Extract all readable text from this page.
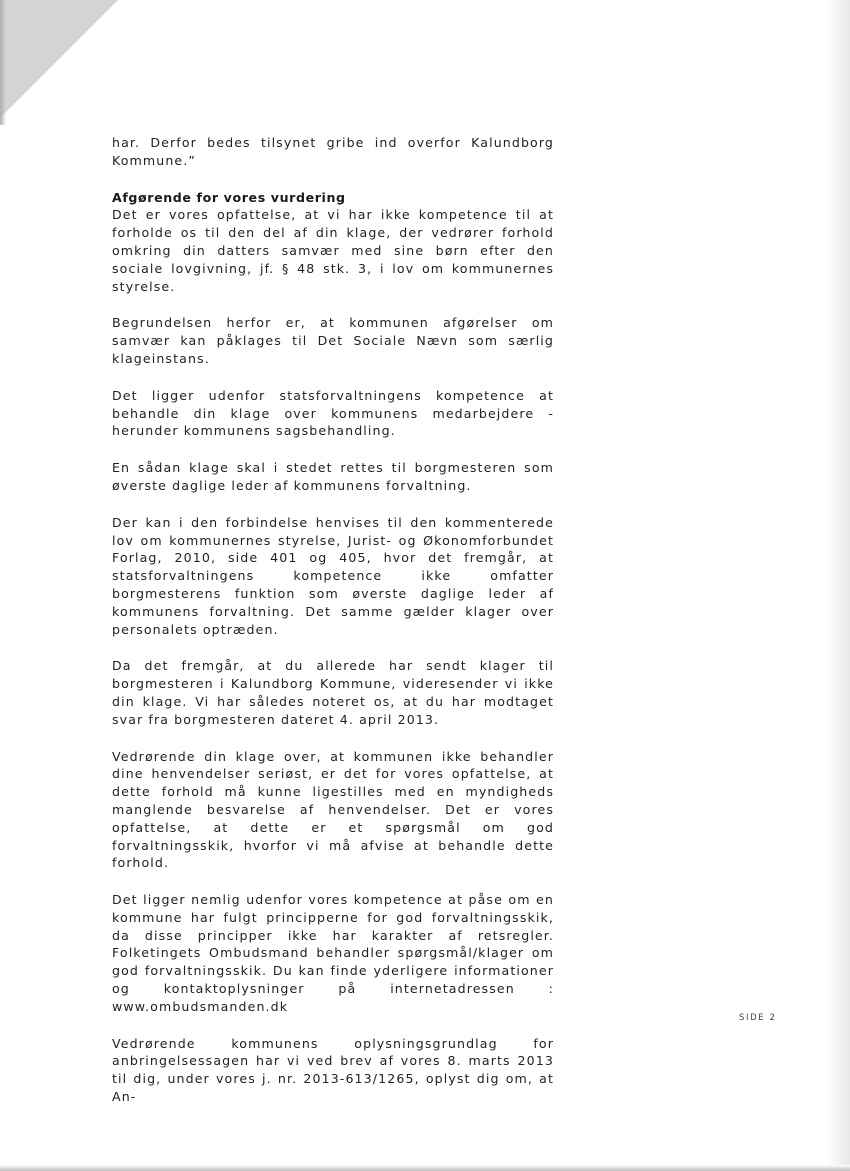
har. Derfor bedes tilsynet gribe ind overfor Kalundborg Kommune.”

Afgørende for vores vurdering

Det er vores opfattelse, at vi har ikke kompetence til at forholde os til den del af din klage, der vedrører forhold omkring din datters samvær med sine børn efter den sociale lovgivning, jf. § 48 stk. 3, i lov om kommunernes styrelse.

Begrundelsen herfor er, at kommunen afgørelser om samvær kan påklages til Det Sociale Nævn som særlig klageinstans.

Det ligger udenfor statsforvaltningens kompetence at behandle din klage over kommunens medarbejdere - herunder kommunens sagsbehandling.

En sådan klage skal i stedet rettes til borgmesteren som øverste daglige leder af kommunens forvaltning.

Der kan i den forbindelse henvises til den kommenterede lov om kommunernes styrelse, Jurist- og Økonomforbundet Forlag, 2010, side 401 og 405, hvor det fremgår, at statsforvaltningens kompetence ikke omfatter borgmesterens funktion som øverste daglige leder af kommunens forvaltning. Det samme gælder klager over personalets optræden.

Da det fremgår, at du allerede har sendt klager til borgmesteren i Kalundborg Kommune, videresender vi ikke din klage. Vi har således noteret os, at du har modtaget svar fra borgmesteren dateret 4. april 2013.

Vedrørende din klage over, at kommunen ikke behandler dine henvendelser seriøst, er det for vores opfattelse, at dette forhold må kunne ligestilles med en myndigheds manglende besvarelse af henvendelser. Det er vores opfattelse, at dette er et spørgsmål om god forvaltningsskik, hvorfor vi må afvise at behandle dette forhold.

Det ligger nemlig udenfor vores kompetence at påse om en kommune har fulgt principperne for god forvaltningsskik, da disse principper ikke har karakter af retsregler. Folketingets Ombudsmand behandler spørgsmål/klager om god forvaltningsskik. Du kan finde yderligere informationer og kontaktoplysninger på internetadressen : www.ombudsmanden.dk

Vedrørende kommunens oplysningsgrundlag for anbringelsessagen har vi ved brev af vores 8. marts 2013 til dig, under vores j. nr. 2013-613/1265, oplyst dig om, at An-

SIDE 2
